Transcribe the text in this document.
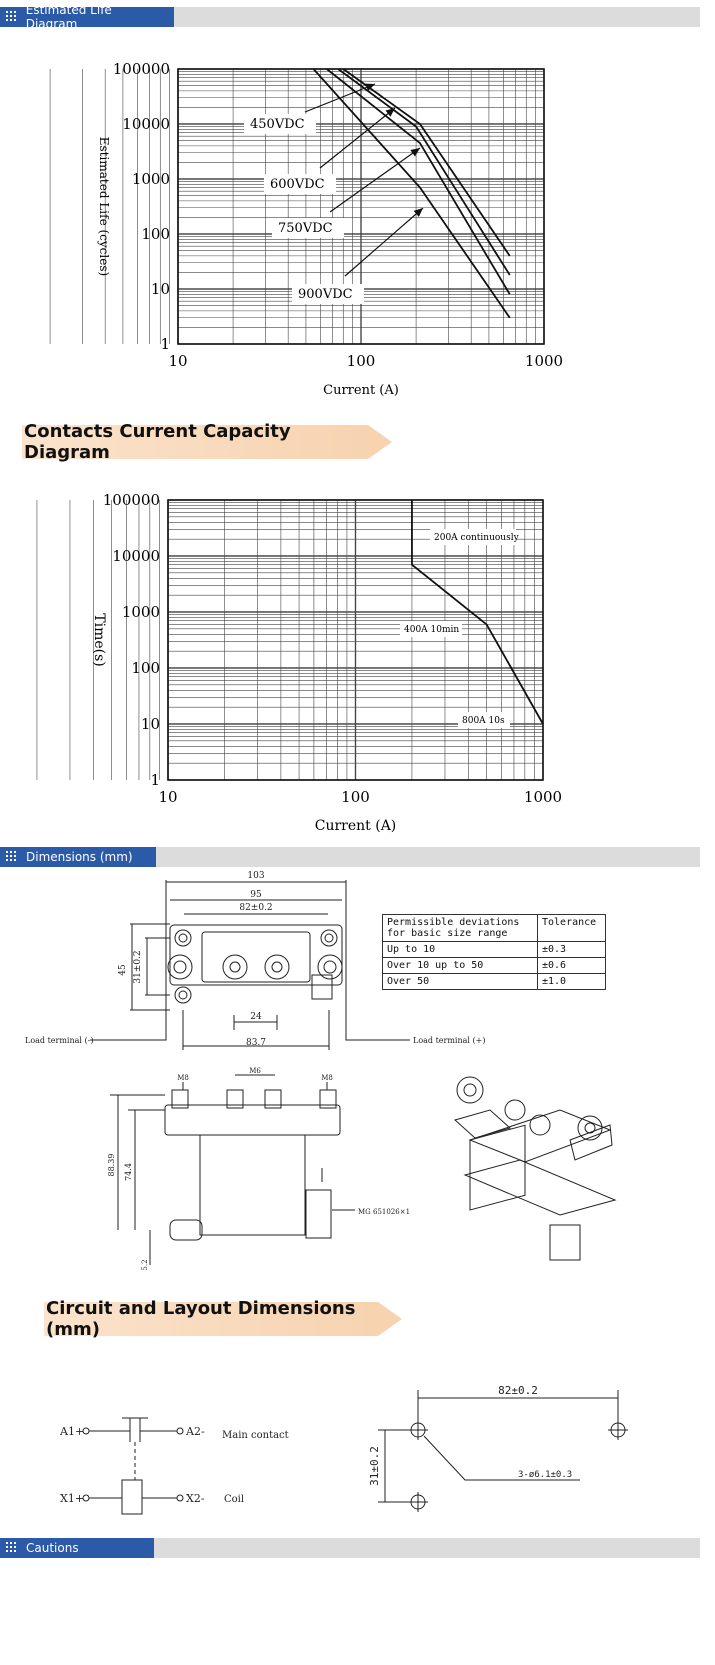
Estimated Life Diagram
10	100	1000
1
10
100
1000
10000
100000
Current (A)
Estimated Life (cycles)
450VDC
600VDC
750VDC
900VDC
Contacts Current Capacity Diagram
10	100	1000
1
10
100
1000
10000
100000
Current (A)
Time(s)
200A continuously
400A 10min
800A 10s
Dimensions (mm)
103
95
82±0.2
24
83.7
45 31±0.2
Load terminal (-)	Load terminal (+)
M8
M6
M8
88.39 74.4
5.2
MG 651026×1
Permissible deviations for basic size range
Tolerance
Up to 10	±0.3
Over 10 up to 50	±0.6
Over 50	±1.0
Circuit and Layout Dimensions (mm)
A1+	A2- Main contact
X1+	X2- Coil
82±0.2
31±0.2	3-ø6.1±0.3
Cautions
